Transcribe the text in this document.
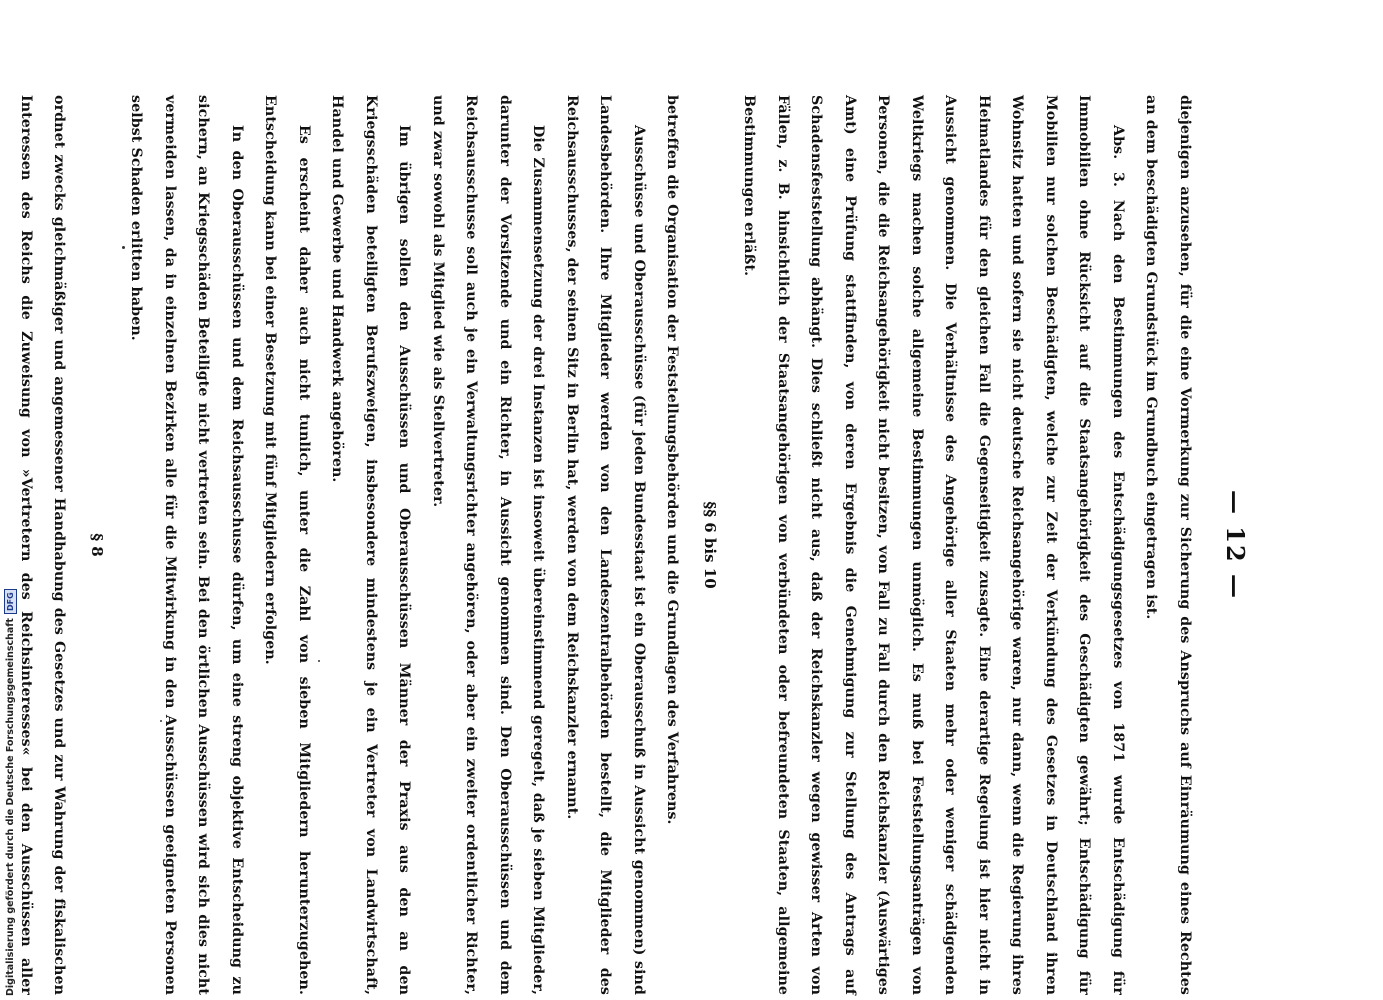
— 12 —

diejenigen anzusehen, für die eine Vormerkung zur Sicherung des Anspruchs auf Einräumung eines Rechtes an dem beschädigten Grundstück im Grundbuch eingetragen ist.

Abs. 3. Nach den Bestimmungen des Entschädigungsgesetzes von 1871 wurde Entschädigung für Immobilien ohne Rücksicht auf die Staatsangehörigkeit des Geschädigten gewährt; Entschädigung für Mobilien nur solchen Beschädigten, welche zur Zeit der Verkündung des Gesetzes in Deutschland ihren Wohnsitz hatten und sofern sie nicht deutsche Reichsangehörige waren, nur dann, wenn die Regierung ihres Heimatlandes für den gleichen Fall die Gegenseitigkeit zusagte. Eine derartige Regelung ist hier nicht in Aussicht genommen. Die Verhältnisse des Angehörige aller Staaten mehr oder weniger schädigenden Weltkriegs machen solche allgemeine Bestimmungen unmöglich. Es muß bei Feststellungsanträgen von Personen, die die Reichsangehörigkeit nicht besitzen, von Fall zu Fall durch den Reichskanzler (Auswärtiges Amt) eine Prüfung stattfinden, von deren Ergebnis die Genehmigung zur Stellung des Antrags auf Schadensfeststellung abhängt. Dies schließt nicht aus, daß der Reichskanzler wegen gewisser Arten von Fällen, z. B. hinsichtlich der Staatsangehörigen von verbündeten oder befreundeten Staaten, allgemeine Bestimmungen erläßt.

§§ 6 bis 10

betreffen die Organisation der Feststellungsbehörden und die Grundlagen des Verfahrens.

Ausschüsse und Oberausschüsse (für jeden Bundesstaat ist ein Oberausschuß in Aussicht genommen) sind Landesbehörden. Ihre Mitglieder werden von den Landeszentralbehörden bestellt, die Mitglieder des Reichsausschusses, der seinen Sitz in Berlin hat, werden von dem Reichskanzler ernannt.

Die Zusammensetzung der drei Instanzen ist insoweit übereinstimmend geregelt, daß je sieben Mitglieder, darunter der Vorsitzende und ein Richter, in Aussicht genommen sind. Den Oberausschüssen und dem Reichsausschusse soll auch je ein Verwaltungsrichter angehören, oder aber ein zweiter ordentlicher Richter, und zwar sowohl als Mitglied wie als Stellvertreter.

Im übrigen sollen den Ausschüssen und Oberausschüssen Männer der Praxis aus den an den Kriegsschäden beteiligten Berufszweigen, insbesondere mindestens je ein Vertreter von Landwirtschaft, Handel und Gewerbe und Handwerk angehören.

Es erscheint daher auch nicht tunlich, unter die Zahl von sieben Mitgliedern herunterzugehen. Entscheidung kann bei einer Besetzung mit fünf Mitgliedern erfolgen.

In den Oberausschüssen und dem Reichsausschusse dürfen, um eine streng objektive Entscheidung zu sichern, an Kriegsschäden Beteiligte nicht vertreten sein. Bei den örtlichen Ausschüssen wird sich dies nicht vermeiden lassen, da in einzelnen Bezirken alle für die Mitwirkung in den Ausschüssen geeigneten Personen selbst Schaden erlitten haben.

§ 8

ordnet zwecks gleichmäßiger und angemessener Handhabung des Gesetzes und zur Wahrung der fiskalischen Interessen des Reichs die Zuweisung von »Vertretern des Reichsinteresses« bei den Ausschüssen aller

Digitalisierung gefördert durch die Deutsche Forschungsgemeinschaft
DFG
